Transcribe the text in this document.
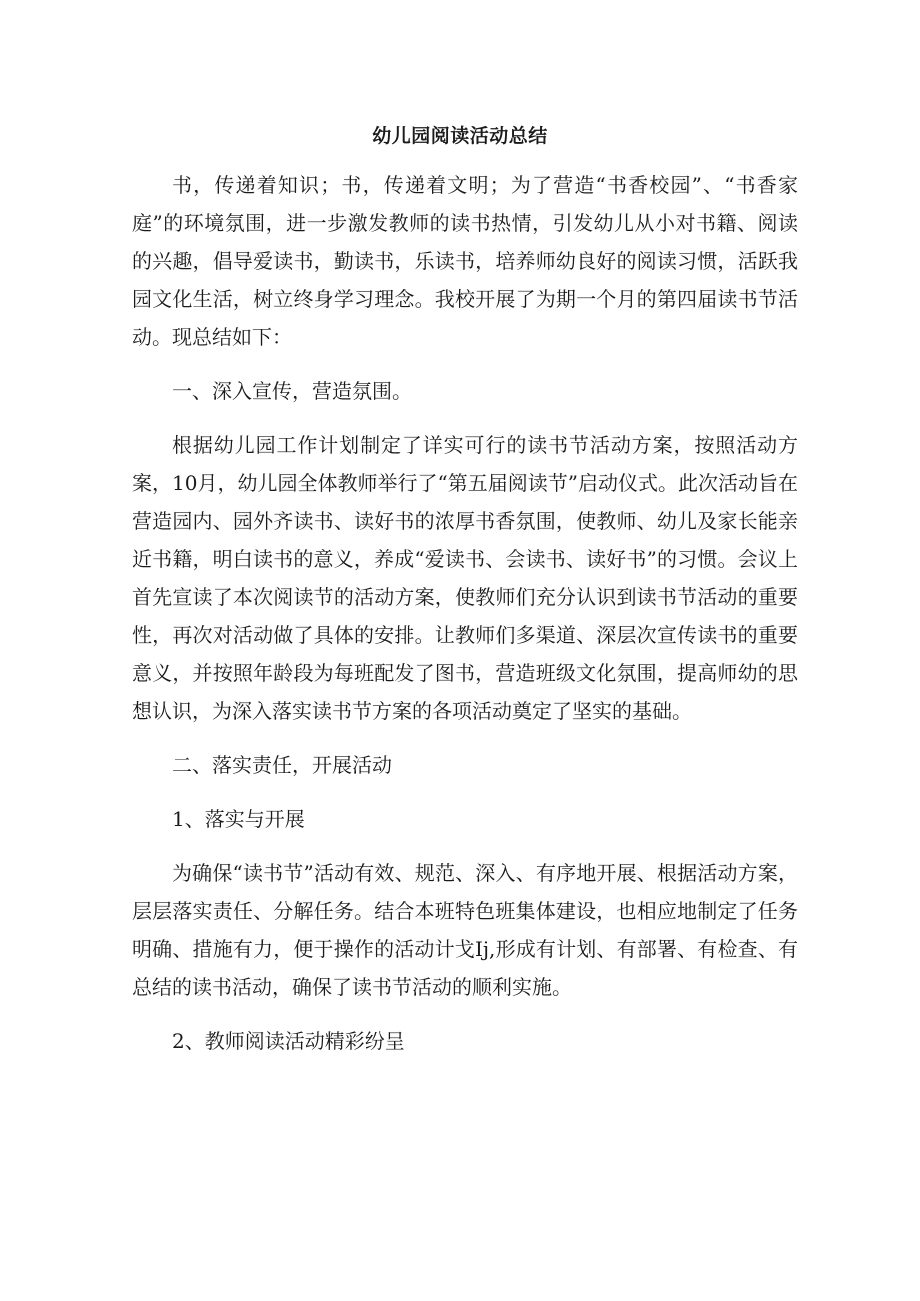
幼儿园阅读活动总结

书，传递着知识；书，传递着文明；为了营造“书香校园”、“书香家庭”的环境氛围，进一步激发教师的读书热情，引发幼儿从小对书籍、阅读的兴趣，倡导爱读书，勤读书，乐读书，培养师幼良好的阅读习惯，活跃我园文化生活，树立终身学习理念。我校开展了为期一个月的第四届读书节活动。现总结如下：

一、深入宣传，营造氛围。

根据幼儿园工作计划制定了详实可行的读书节活动方案，按照活动方案，10月，幼儿园全体教师举行了“第五届阅读节”启动仪式。此次活动旨在营造园内、园外齐读书、读好书的浓厚书香氛围，使教师、幼儿及家长能亲近书籍，明白读书的意义，养成“爱读书、会读书、读好书”的习惯。会议上首先宣读了本次阅读节的活动方案，使教师们充分认识到读书节活动的重要性，再次对活动做了具体的安排。让教师们多渠道、深层次宣传读书的重要意义，并按照年龄段为每班配发了图书，营造班级文化氛围，提高师幼的思想认识，为深入落实读书节方案的各项活动奠定了坚实的基础。

二、落实责任，开展活动

1、落实与开展

为确保“读书节”活动有效、规范、深入、有序地开展、根据活动方案，层层落实责任、分解任务。结合本班特色班集体建设，也相应地制定了任务明确、措施有力，便于操作的活动计戈Ij,形成有计划、有部署、有检查、有总结的读书活动，确保了读书节活动的顺利实施。

2、教师阅读活动精彩纷呈
